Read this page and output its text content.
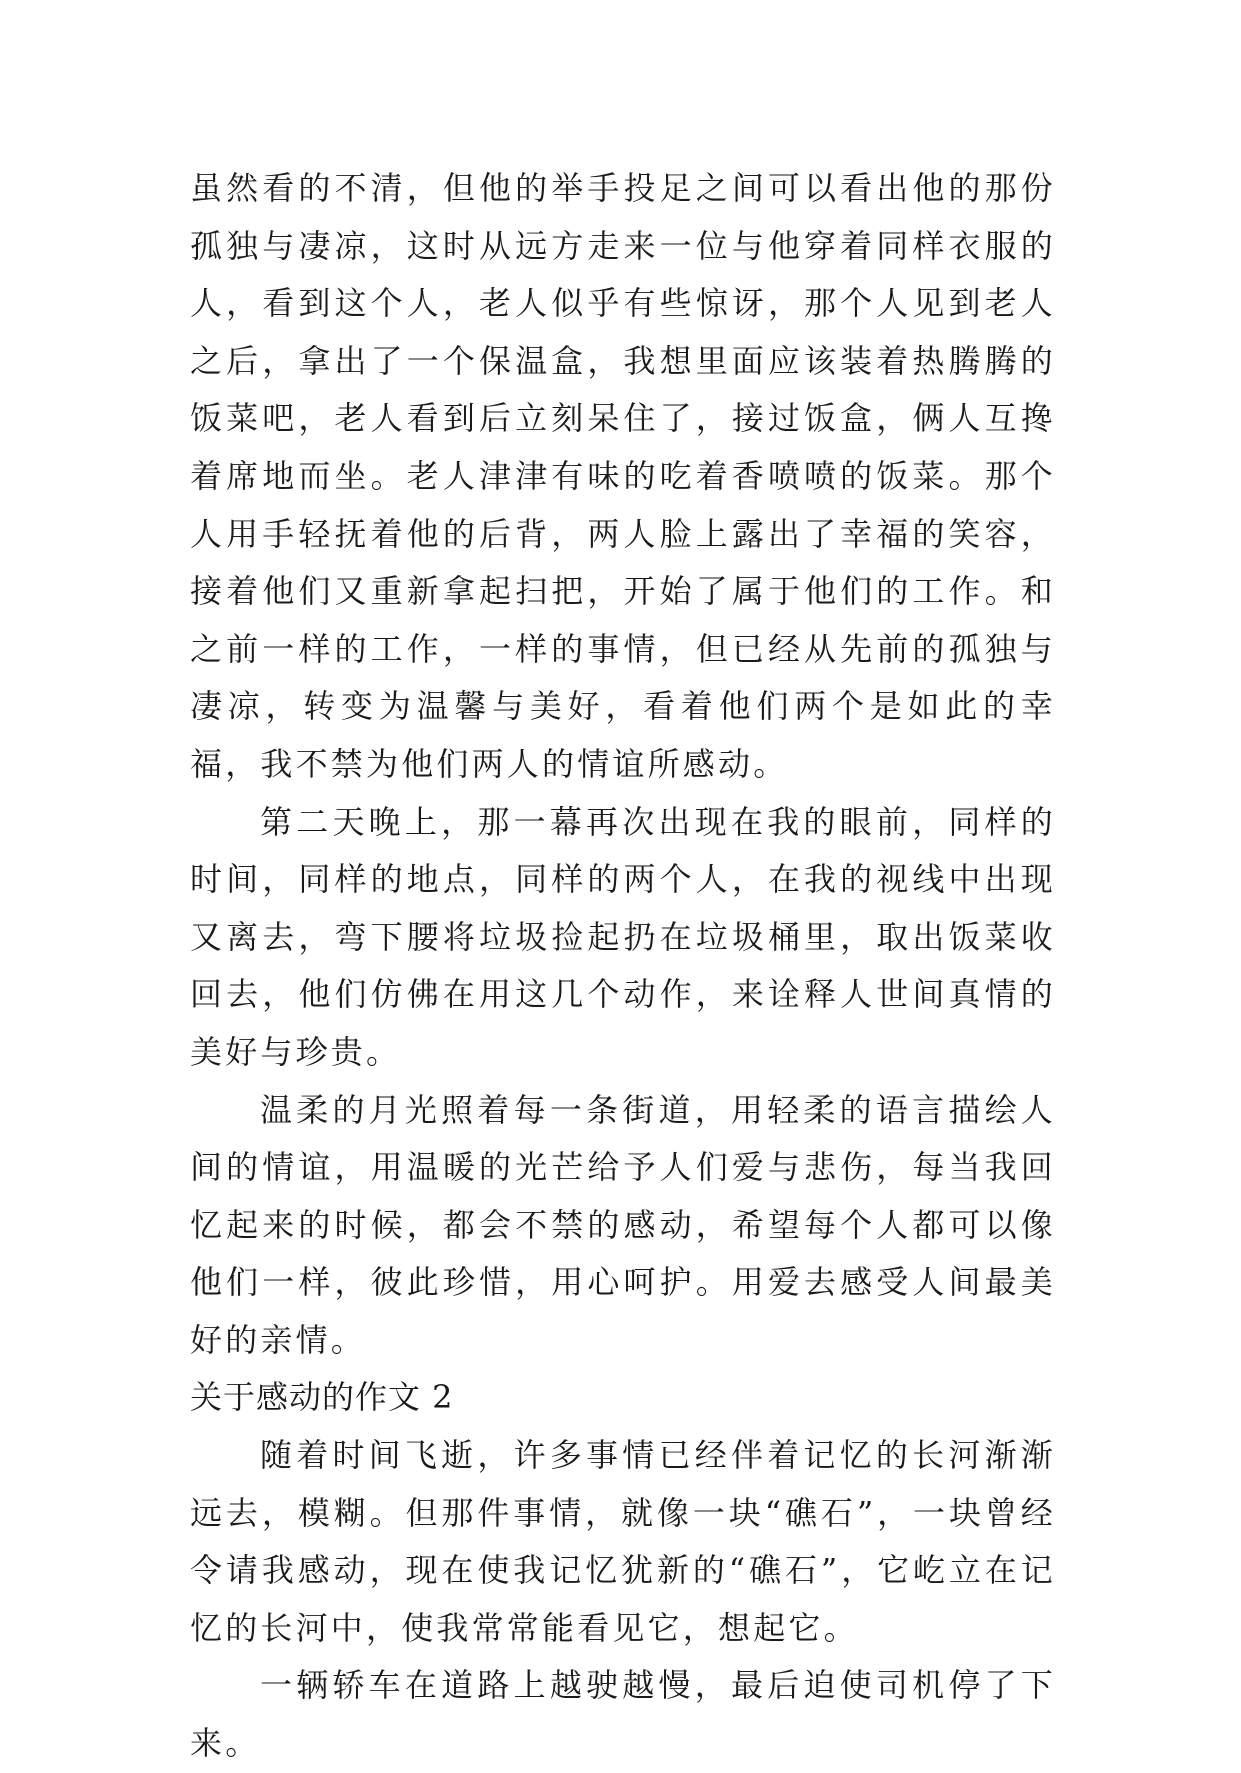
虽然看的不清，但他的举手投足之间可以看出他的那份孤独与凄凉，这时从远方走来一位与他穿着同样衣服的人，看到这个人，老人似乎有些惊讶，那个人见到老人之后，拿出了一个保温盒，我想里面应该装着热腾腾的饭菜吧，老人看到后立刻呆住了，接过饭盒，俩人互搀着席地而坐。老人津津有味的吃着香喷喷的饭菜。那个人用手轻抚着他的后背，两人脸上露出了幸福的笑容，接着他们又重新拿起扫把，开始了属于他们的工作。和之前一样的工作，一样的事情，但已经从先前的孤独与凄凉，转变为温馨与美好，看着他们两个是如此的幸福，我不禁为他们两人的情谊所感动。

第二天晚上，那一幕再次出现在我的眼前，同样的时间，同样的地点，同样的两个人，在我的视线中出现又离去，弯下腰将垃圾捡起扔在垃圾桶里，取出饭菜收回去，他们仿佛在用这几个动作，来诠释人世间真情的美好与珍贵。

温柔的月光照着每一条街道，用轻柔的语言描绘人间的情谊，用温暖的光芒给予人们爱与悲伤，每当我回忆起来的时候，都会不禁的感动，希望每个人都可以像他们一样，彼此珍惜，用心呵护。用爱去感受人间最美好的亲情。

关于感动的作文 2

随着时间飞逝，许多事情已经伴着记忆的长河渐渐远去，模糊。但那件事情，就像一块“礁石”，一块曾经令请我感动，现在使我记忆犹新的“礁石”，它屹立在记忆的长河中，使我常常能看见它，想起它。

一辆轿车在道路上越驶越慢，最后迫使司机停了下来。
